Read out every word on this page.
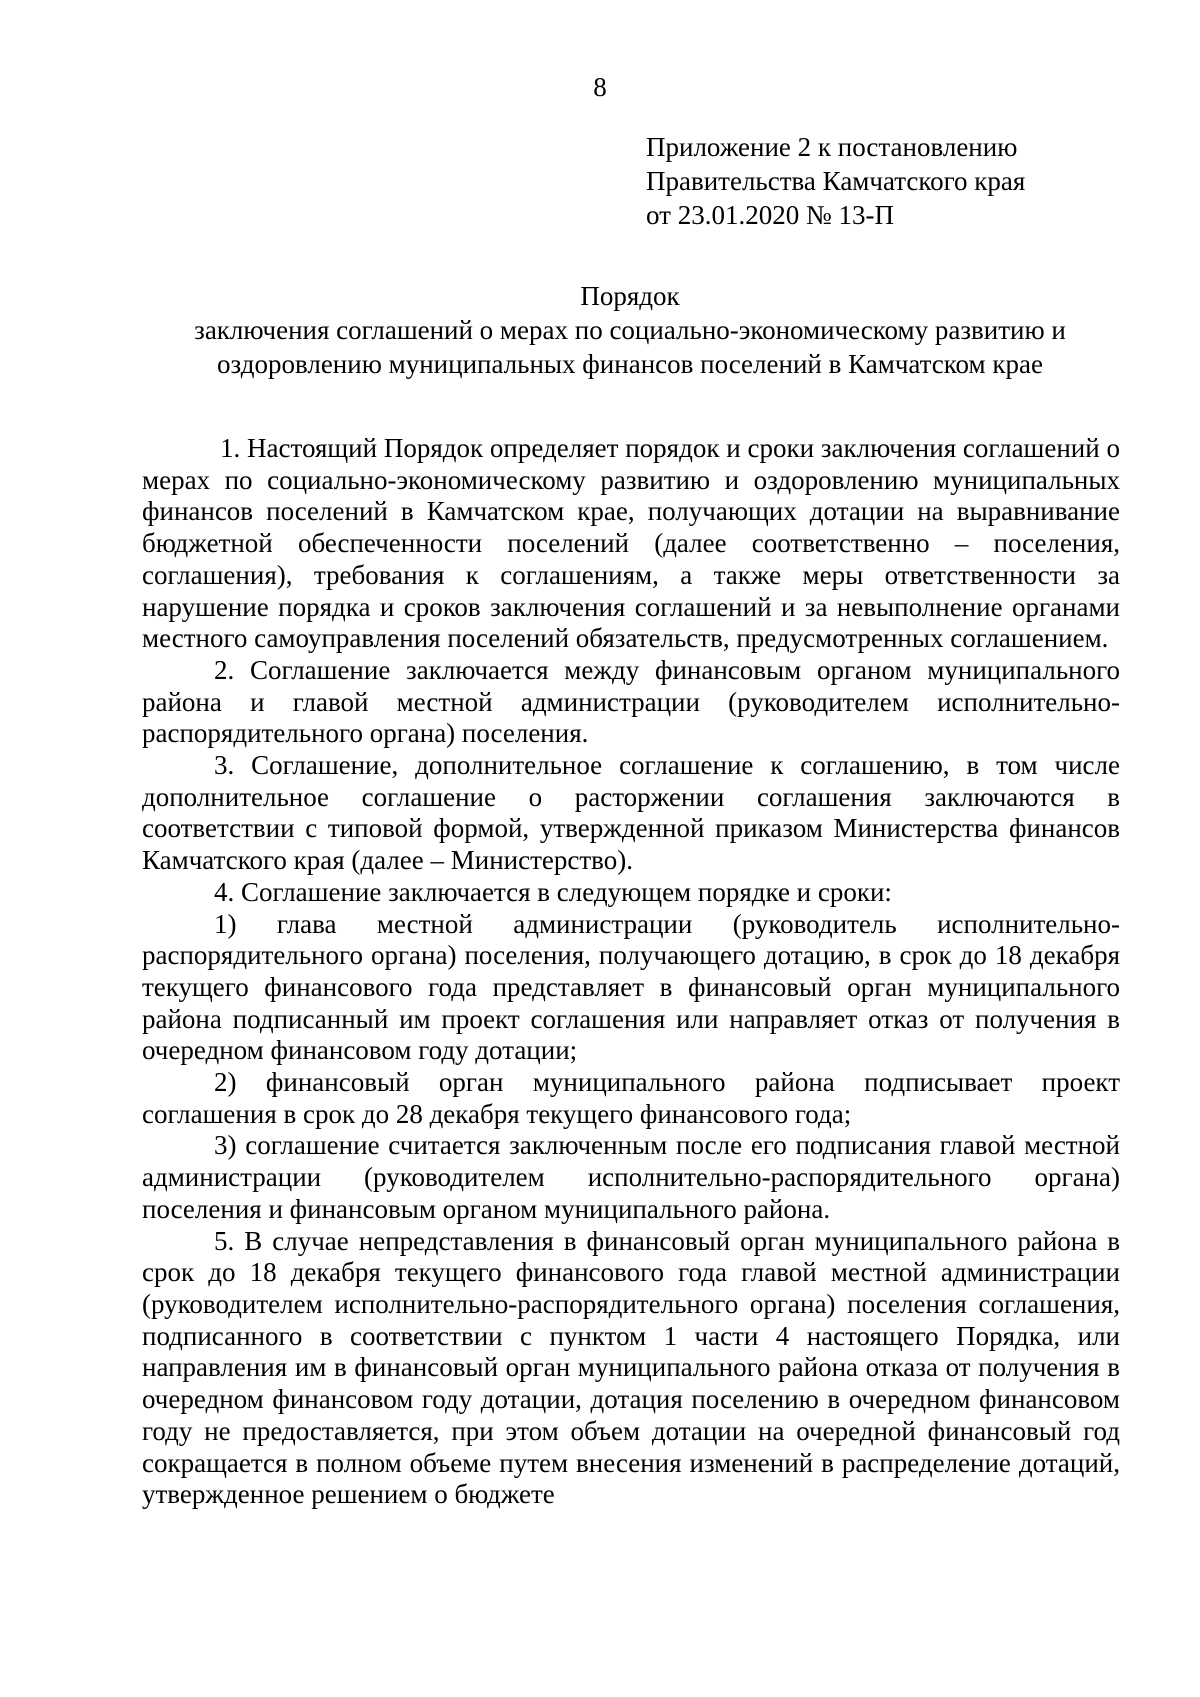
8
Приложение 2 к постановлению
Правительства Камчатского края
от 23.01.2020 № 13-П
Порядок
заключения соглашений о мерах по социально-экономическому развитию и
оздоровлению муниципальных финансов поселений в Камчатском крае

1. Настоящий Порядок определяет порядок и сроки заключения соглашений о мерах по социально-экономическому развитию и оздоровлению муниципальных финансов поселений в Камчатском крае, получающих дотации на выравнивание бюджетной обеспеченности поселений (далее соответственно – поселения, соглашения), требования к соглашениям, а также меры ответственности за нарушение порядка и сроков заключения соглашений и за невыполнение органами местного самоуправления поселений обязательств, предусмотренных соглашением.

2. Соглашение заключается между финансовым органом муниципального района и главой местной администрации (руководителем исполнительно-распорядительного органа) поселения.

3. Соглашение, дополнительное соглашение к соглашению, в том числе дополнительное соглашение о расторжении соглашения заключаются в соответствии с типовой формой, утвержденной приказом Министерства финансов Камчатского края (далее – Министерство).

4. Соглашение заключается в следующем порядке и сроки:

1) глава местной администрации (руководитель исполнительно-распорядительного органа) поселения, получающего дотацию, в срок до 18 декабря текущего финансового года представляет в финансовый орган муниципального района подписанный им проект соглашения или направляет отказ от получения в очередном финансовом году дотации;

2) финансовый орган муниципального района подписывает проект соглашения в срок до 28 декабря текущего финансового года;

3) соглашение считается заключенным после его подписания главой местной администрации (руководителем исполнительно-распорядительного органа) поселения и финансовым органом муниципального района.

5. В случае непредставления в финансовый орган муниципального района в срок до 18 декабря текущего финансового года главой местной администрации (руководителем исполнительно-распорядительного органа) поселения соглашения, подписанного в соответствии с пунктом 1 части 4 настоящего Порядка, или направления им в финансовый орган муниципального района отказа от получения в очередном финансовом году дотации, дотация поселению в очередном финансовом году не предоставляется, при этом объем дотации на очередной финансовый год сокращается в полном объеме путем внесения изменений в распределение дотаций, утвержденное решением о бюджете
